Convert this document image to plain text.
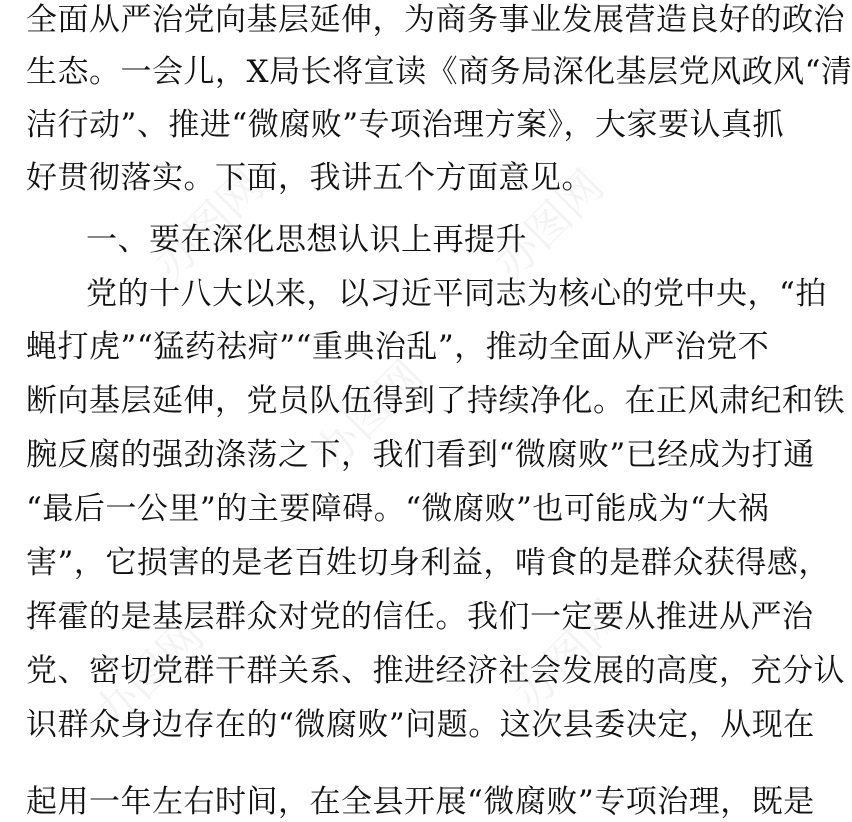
办图网	办图网
办图网
办图网
办图网
全面从严治党向基层延伸，为商务事业发展营造良好的政治
生态。一会儿，X局长将宣读《商务局深化基层党风政风“清
洁行动”、推进“微腐败”专项治理方案》，大家要认真抓
好贯彻落实。下面，我讲五个方面意见。
一、要在深化思想认识上再提升
党的十八大以来，以习近平同志为核心的党中央，“拍
蝇打虎”“猛药祛疴”“重典治乱”，推动全面从严治党不
断向基层延伸，党员队伍得到了持续净化。在正风肃纪和铁
腕反腐的强劲涤荡之下，我们看到“微腐败”已经成为打通
“最后一公里”的主要障碍。“微腐败”也可能成为“大祸
害”，它损害的是老百姓切身利益，啃食的是群众获得感，
挥霍的是基层群众对党的信任。我们一定要从推进从严治
党、密切党群干群关系、推进经济社会发展的高度，充分认
识群众身边存在的“微腐败”问题。这次县委决定，从现在
起用一年左右时间，在全县开展“微腐败”专项治理，既是
